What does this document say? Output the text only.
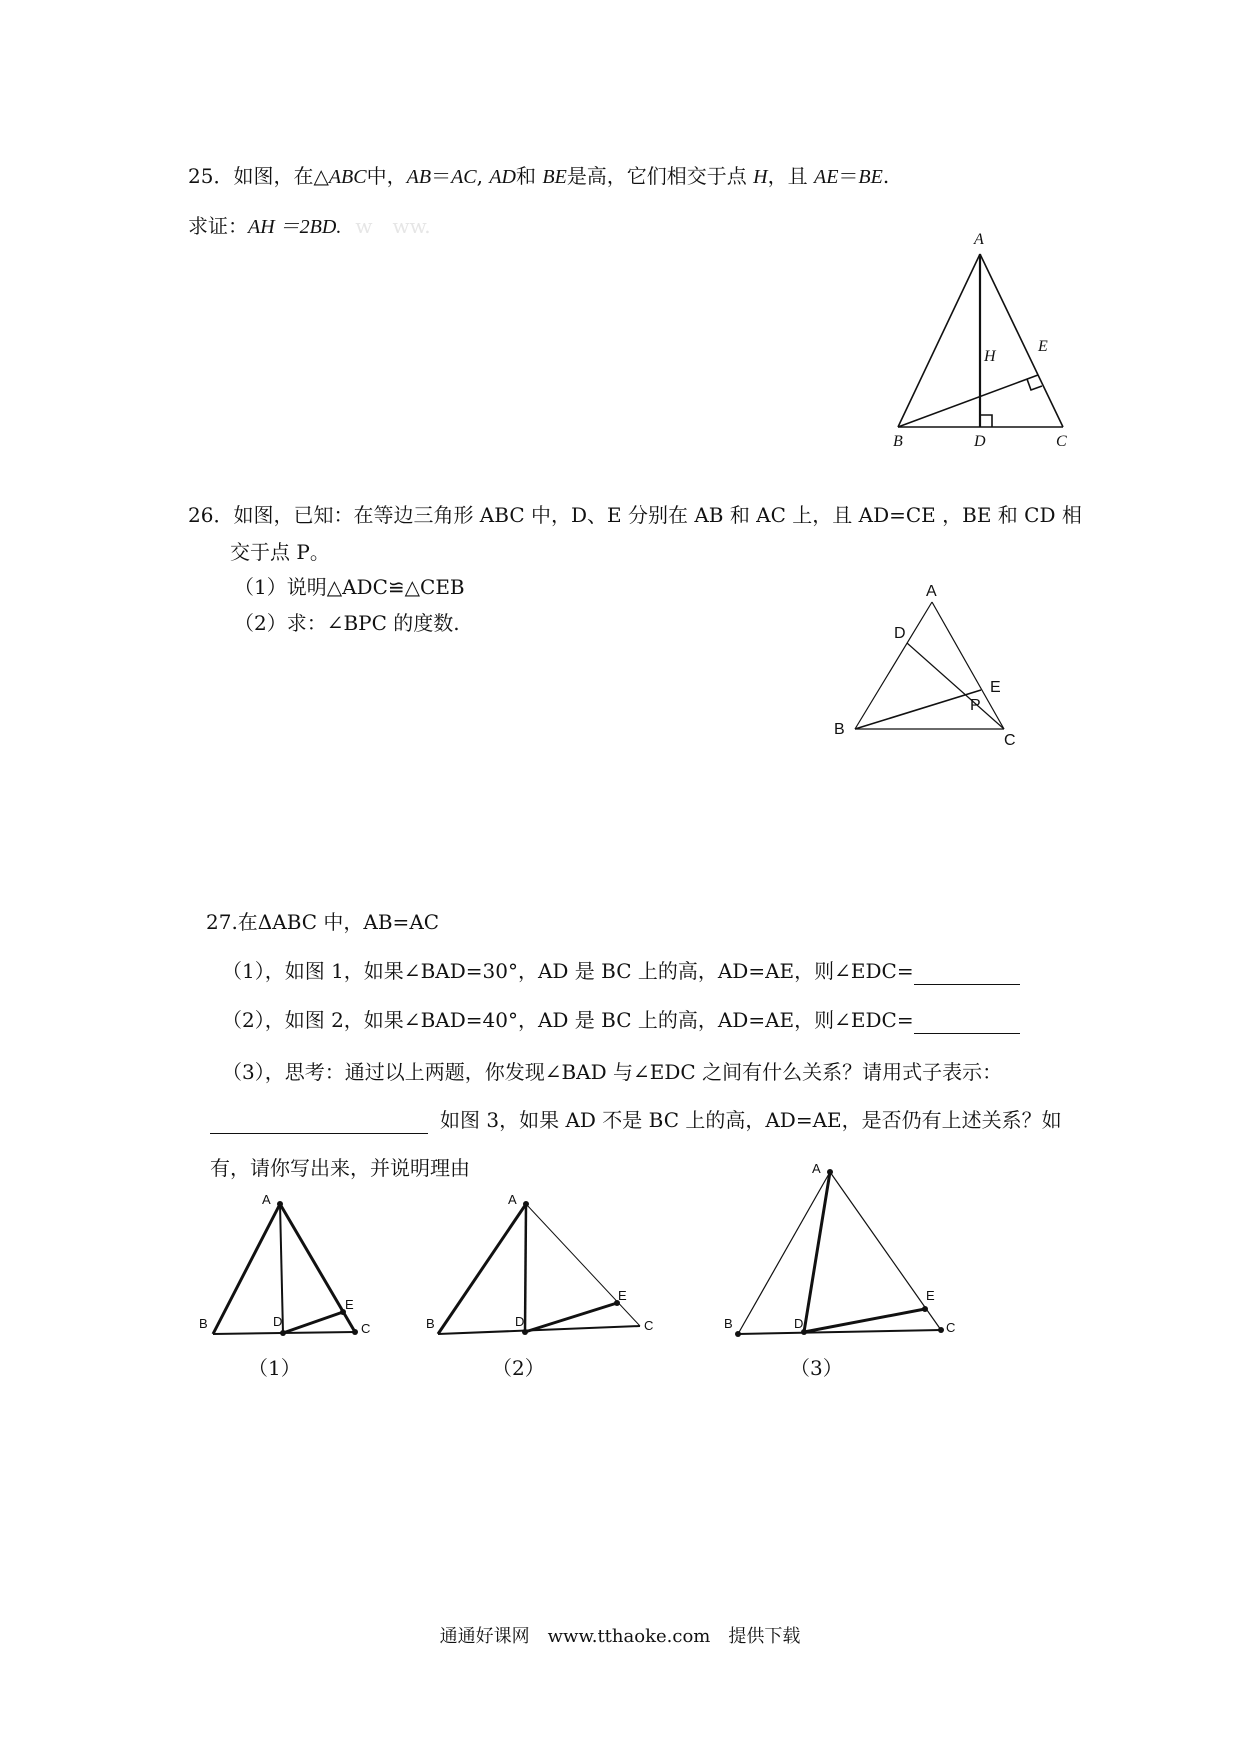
25．如图，在△ABC中，AB＝AC, AD和 BE是高，它们相交于点 H，且 AE＝BE.
求证：AH ＝2BD. w　ww.
A
B	C
D
E
H
26．如图，已知：在等边三角形 ABC 中，D、E 分别在 AB 和 AC 上，且 AD=CE ，BE 和 CD 相
交于点 P。
（1）说明△ADC≌△CEB
（2）求：∠BPC 的度数.
A
B
C
D
E
P
27.在ΔABC 中，AB=AC
（1），如图 1，如果∠BAD=30°，AD 是 BC 上的高，AD=AE，则∠EDC=
（2），如图 2，如果∠BAD=40°，AD 是 BC 上的高，AD=AE，则∠EDC=
（3），思考：通过以上两题，你发现∠BAD 与∠EDC 之间有什么关系？请用式子表示：
如图 3，如果 AD 不是 BC 上的高，AD=AE，是否仍有上述关系？如
有，请你写出来，并说明理由
A
B	C
D
E
（1）
A
B	D
E
C
（2）
A
B	C
D
E
（3）
通通好课网　www.tthaoke.com　提供下载
